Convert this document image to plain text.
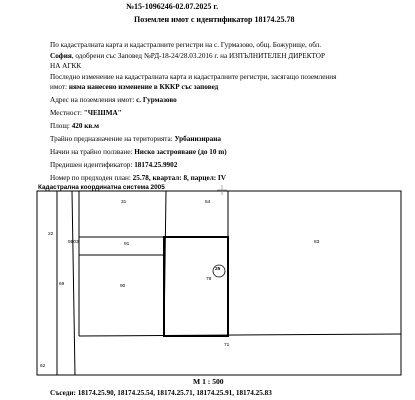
№15-1096246-02.07.2025 г.
Поземлен имот с идентификатор 18174.25.78
По кадастралната карта и кадастралните регистри на с. Гурмазово, общ. Божурище, обл.
София, одобрени със Заповед №РД-18-24/28.03.2016 г. на ИЗПЪЛНИТЕЛЕН ДИРЕКТОР
НА АГКК
Последно изменение на кадастралната карта и кадастралните регистри, засягащо поземления
имот: няма нанесено изменение в КККР със заповед
Адрес на поземления имот: с. Гурмазово
Местност: "ЧЕШМА"
Площ: 420 кв.м
Трайно предназначение на територията: Урбанизирана
Начин на трайно ползване: Ниско застрояване (до 10 m)
Предишен идентификатор: 18174.25.9902
Номер по предходен план: 25.78, квартал: 8, парцел: IV
Кадастрална координатна система 2005
31	54
83
91
90
25
78
71
22
69
9903
62
М 1 : 500
Съседи: 18174.25.90, 18174.25.54, 18174.25.71, 18174.25.91, 18174.25.83
